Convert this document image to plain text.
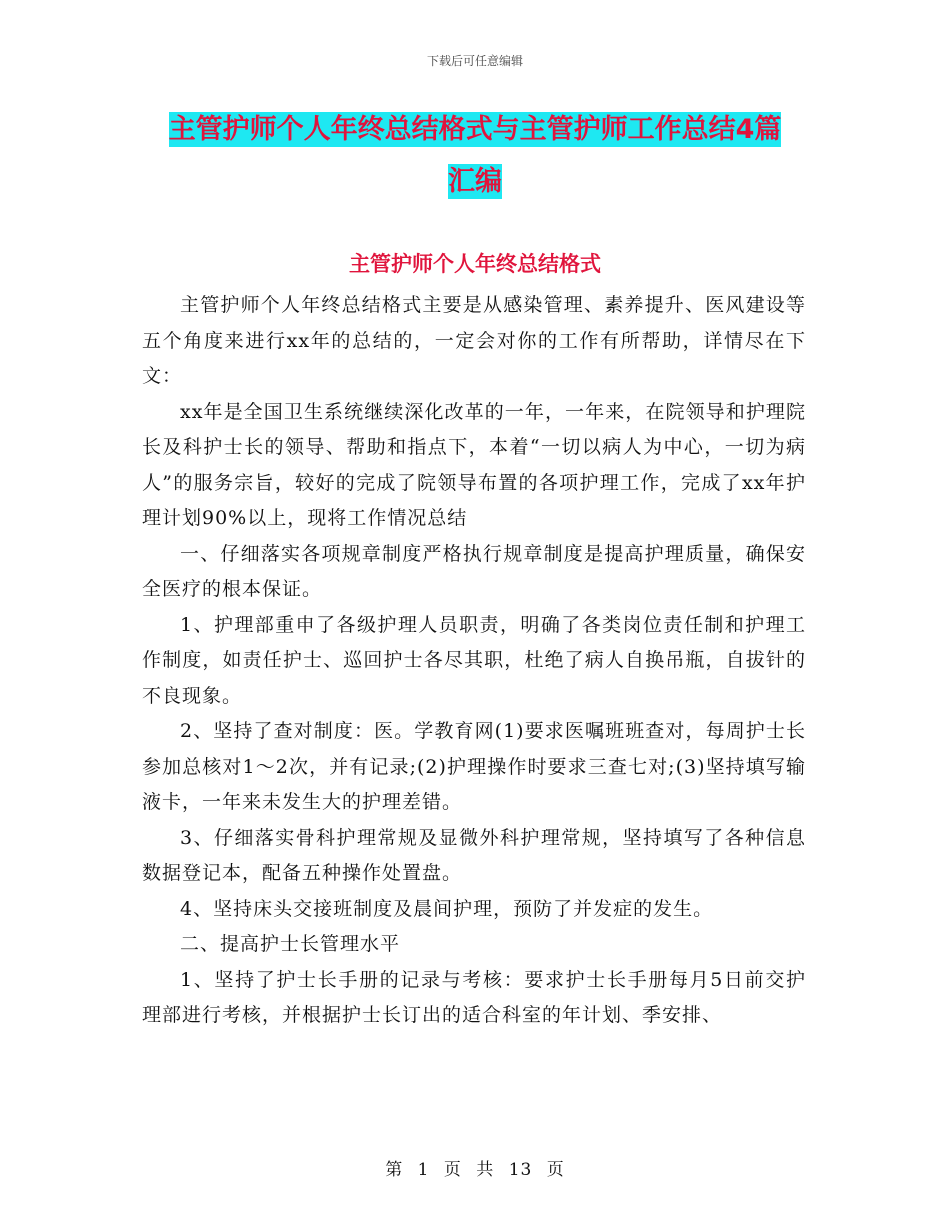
下载后可任意编辑
主管护师个人年终总结格式与主管护师工作总结4篇
汇编
主管护师个人年终总结格式

主管护师个人年终总结格式主要是从感染管理、素养提升、医风建设等五个角度来进行xx年的总结的，一定会对你的工作有所帮助，详情尽在下文：

xx年是全国卫生系统继续深化改革的一年，一年来，在院领导和护理院长及科护士长的领导、帮助和指点下，本着“一切以病人为中心，一切为病人”的服务宗旨，较好的完成了院领导布置的各项护理工作，完成了xx年护理计划90%以上，现将工作情况总结

一、仔细落实各项规章制度严格执行规章制度是提高护理质量，确保安全医疗的根本保证。

1、护理部重申了各级护理人员职责，明确了各类岗位责任制和护理工作制度，如责任护士、巡回护士各尽其职，杜绝了病人自换吊瓶，自拔针的不良现象。

2、坚持了查对制度：医。学教育网(1)要求医嘱班班查对，每周护士长参加总核对1～2次，并有记录;(2)护理操作时要求三查七对;(3)坚持填写输液卡，一年来未发生大的护理差错。

3、仔细落实骨科护理常规及显微外科护理常规，坚持填写了各种信息数据登记本，配备五种操作处置盘。

4、坚持床头交接班制度及晨间护理，预防了并发症的发生。

二、提高护士长管理水平

1、坚持了护士长手册的记录与考核：要求护士长手册每月5日前交护理部进行考核，并根据护士长订出的适合科室的年计划、季安排、

第 1 页 共 13 页
